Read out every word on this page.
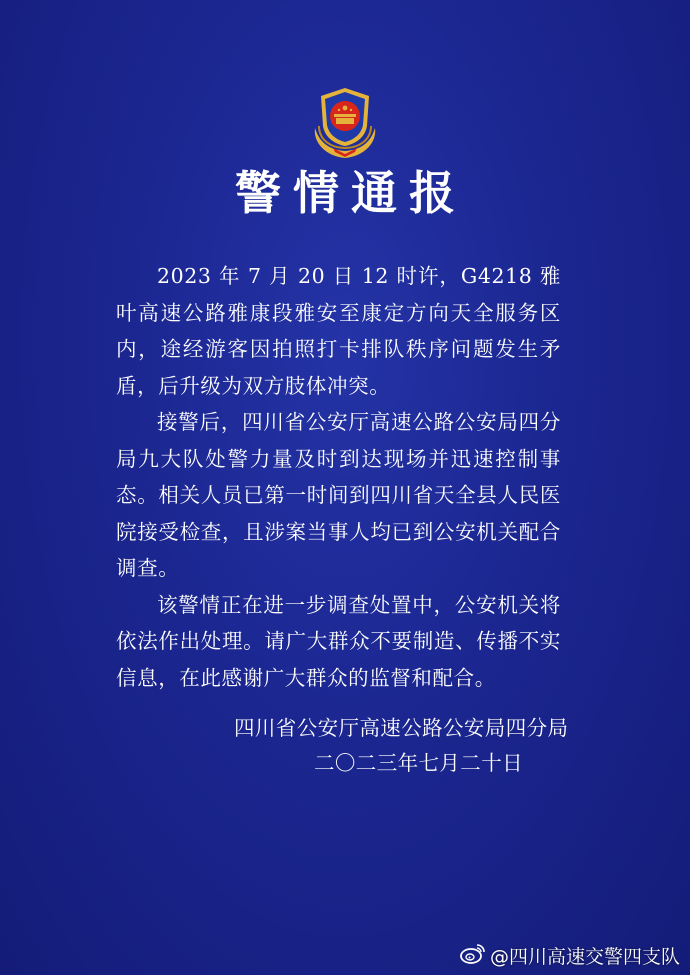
警情通报

2023 年 7 月 20 日 12 时许，G4218 雅叶高速公路雅康段雅安至康定方向天全服务区内，途经游客因拍照打卡排队秩序问题发生矛盾，后升级为双方肢体冲突。

接警后，四川省公安厅高速公路公安局四分局九大队处警力量及时到达现场并迅速控制事态。相关人员已第一时间到四川省天全县人民医院接受检查，且涉案当事人均已到公安机关配合调查。

该警情正在进一步调查处置中，公安机关将依法作出处理。请广大群众不要制造、传播不实信息，在此感谢广大群众的监督和配合。

四川省公安厅高速公路公安局四分局
二〇二三年七月二十日
@四川高速交警四支队
